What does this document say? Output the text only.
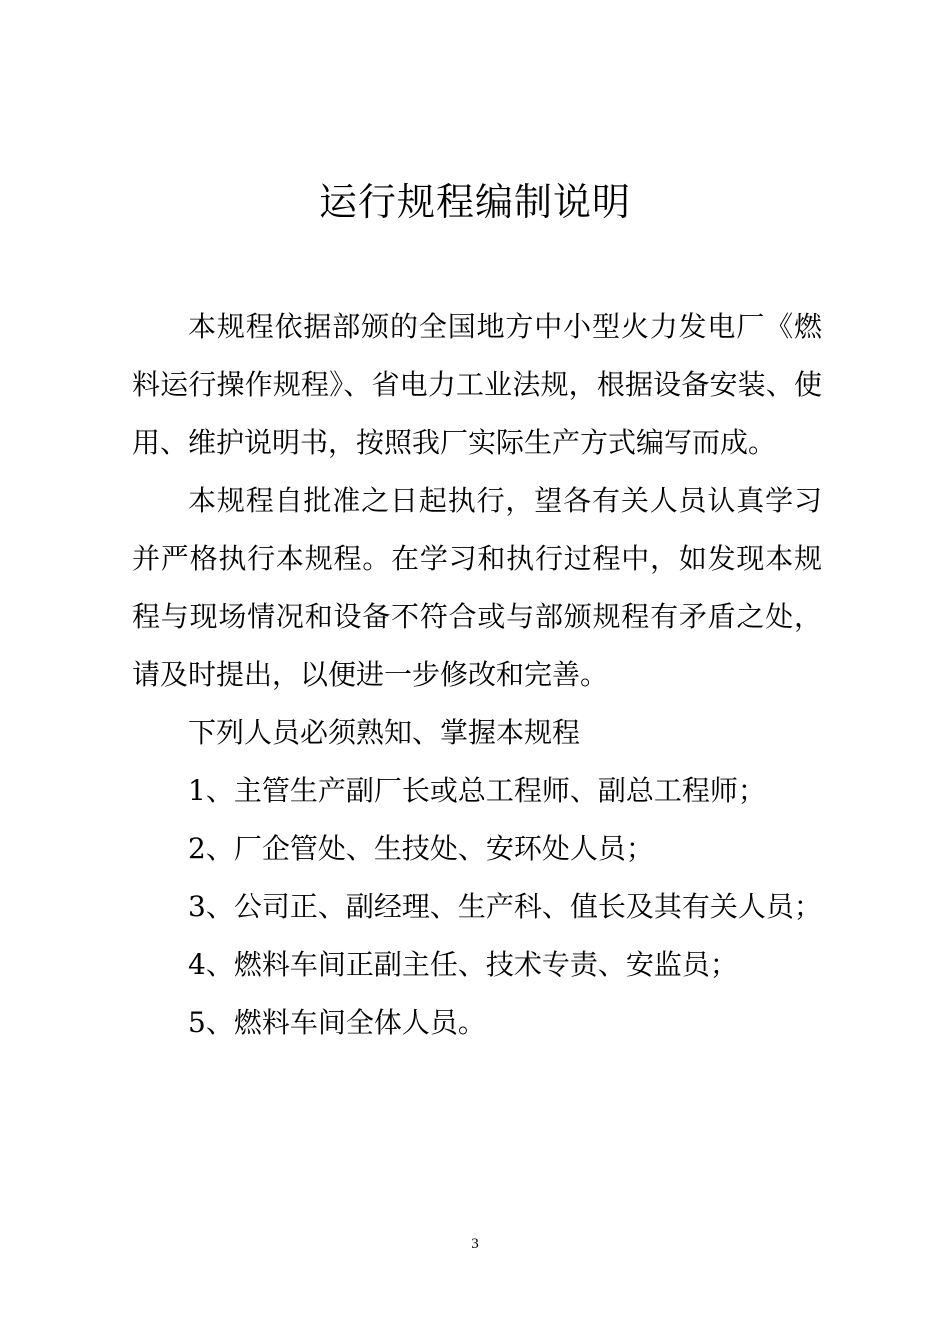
运行规程编制说明

本规程依据部颁的全国地方中小型火力发电厂《燃料运行操作规程》、省电力工业法规，根据设备安装、使用、维护说明书，按照我厂实际生产方式编写而成。

本规程自批准之日起执行，望各有关人员认真学习并严格执行本规程。在学习和执行过程中，如发现本规程与现场情况和设备不符合或与部颁规程有矛盾之处，请及时提出，以便进一步修改和完善。

下列人员必须熟知、掌握本规程

1、主管生产副厂长或总工程师、副总工程师；

2、厂企管处、生技处、安环处人员；

3、公司正、副经理、生产科、值长及其有关人员；

4、燃料车间正副主任、技术专责、安监员；

5、燃料车间全体人员。

3
